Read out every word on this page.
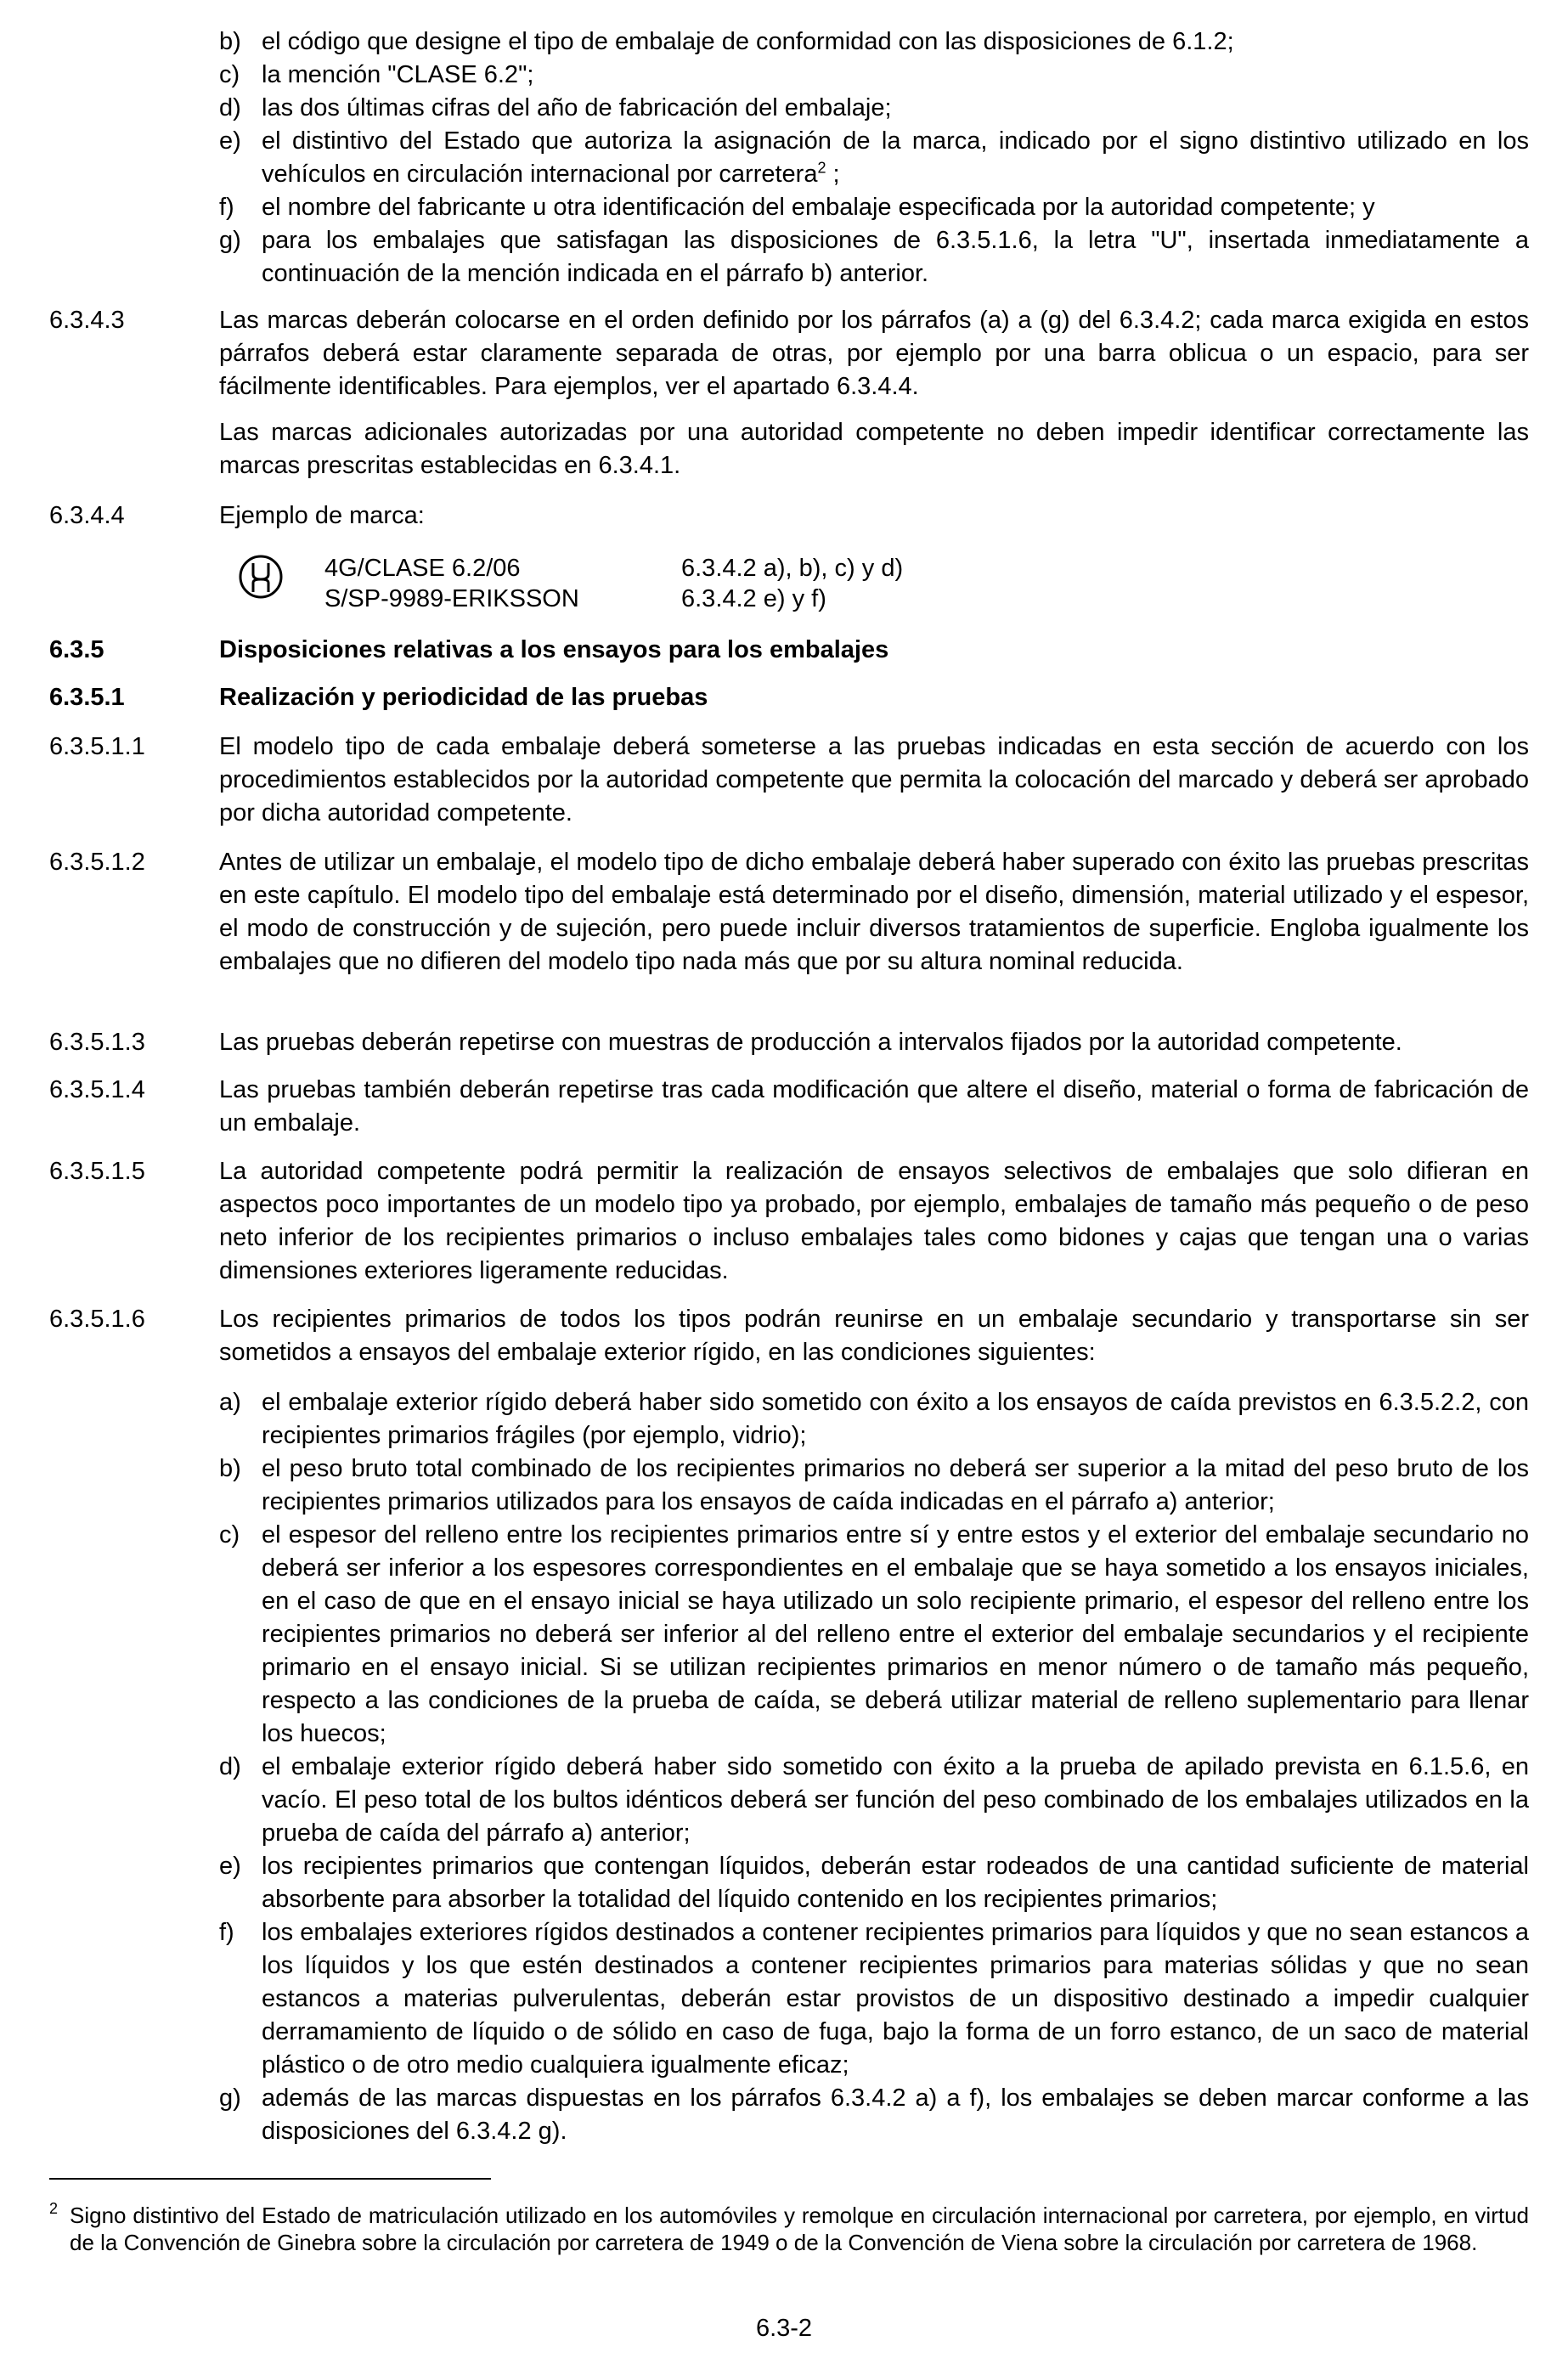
b) el código que designe el tipo de embalaje de conformidad con las disposiciones de 6.1.2;
c) la mención "CLASE 6.2";
d) las dos últimas cifras del año de fabricación del embalaje;
e) el distintivo del Estado que autoriza la asignación de la marca, indicado por el signo distintivo utilizado en los vehículos en circulación internacional por carretera$^2$ ;
f)	el nombre del fabricante u otra identificación del embalaje especificada por la autoridad competente; y
g) para los embalajes que satisfagan las disposiciones de 6.3.5.1.6, la letra "U", insertada inmediatamente a continuación de la mención indicada en el párrafo b) anterior.
6.3.4.3	Las marcas deberán colocarse en el orden definido por los párrafos (a) a (g) del 6.3.4.2; cada marca exigida en estos párrafos deberá estar claramente separada de otras, por ejemplo por una barra oblicua o un espacio, para ser fácilmente identificables. Para ejemplos, ver el apartado 6.3.4.4.

Las marcas adicionales autorizadas por una autoridad competente no deben impedir identificar correctamente las marcas prescritas establecidas en 6.3.4.1.

6.3.4.4	Ejemplo de marca:
4G/CLASE 6.2/06	6.3.4.2 a), b), c) y d)
S/SP-9989-ERIKSSON	6.3.4.2 e) y f)
6.3.5	Disposiciones relativas a los ensayos para los embalajes
6.3.5.1	Realización y periodicidad de las pruebas
6.3.5.1.1	El modelo tipo de cada embalaje deberá someterse a las pruebas indicadas en esta sección de acuerdo con los procedimientos establecidos por la autoridad competente que permita la colocación del marcado y deberá ser aprobado por dicha autoridad competente.

6.3.5.1.2	Antes de utilizar un embalaje, el modelo tipo de dicho embalaje deberá haber superado con éxito las pruebas prescritas en este capítulo. El modelo tipo del embalaje está determinado por el diseño, dimensión, material utilizado y el espesor, el modo de construcción y de sujeción, pero puede incluir diversos tratamientos de superficie. Engloba igualmente los embalajes que no difieren del modelo tipo nada más que por su altura nominal reducida.

6.3.5.1.3	Las pruebas deberán repetirse con muestras de producción a intervalos fijados por la autoridad competente.

6.3.5.1.4	Las pruebas también deberán repetirse tras cada modificación que altere el diseño, material o forma de fabricación de un embalaje.

6.3.5.1.5	La autoridad competente podrá permitir la realización de ensayos selectivos de embalajes que solo difieran en aspectos poco importantes de un modelo tipo ya probado, por ejemplo, embalajes de tamaño más pequeño o de peso neto inferior de los recipientes primarios o incluso embalajes tales como bidones y cajas que tengan una o varias dimensiones exteriores ligeramente reducidas.

6.3.5.1.6	Los recipientes primarios de todos los tipos podrán reunirse en un embalaje secundario y transportarse sin ser sometidos a ensayos del embalaje exterior rígido, en las condiciones siguientes:

a) el embalaje exterior rígido deberá haber sido sometido con éxito a los ensayos de caída previstos en 6.3.5.2.2, con recipientes primarios frágiles (por ejemplo, vidrio);
b) el peso bruto total combinado de los recipientes primarios no deberá ser superior a la mitad del peso bruto de los recipientes primarios utilizados para los ensayos de caída indicadas en el párrafo a) anterior;
c) el espesor del relleno entre los recipientes primarios entre sí y entre estos y el exterior del embalaje secundario no deberá ser inferior a los espesores correspondientes en el embalaje que se haya sometido a los ensayos iniciales, en el caso de que en el ensayo inicial se haya utilizado un solo recipiente primario, el espesor del relleno entre los recipientes primarios no deberá ser inferior al del relleno entre el exterior del embalaje secundarios y el recipiente primario en el ensayo inicial. Si se utilizan recipientes primarios en menor número o de tamaño más pequeño, respecto a las condiciones de la prueba de caída, se deberá utilizar material de relleno suplementario para llenar los huecos;
d) el embalaje exterior rígido deberá haber sido sometido con éxito a la prueba de apilado prevista en 6.1.5.6, en vacío. El peso total de los bultos idénticos deberá ser función del peso combinado de los embalajes utilizados en la prueba de caída del párrafo a) anterior;
e) los recipientes primarios que contengan líquidos, deberán estar rodeados de una cantidad suficiente de material absorbente para absorber la totalidad del líquido contenido en los recipientes primarios;
f)	los embalajes exteriores rígidos destinados a contener recipientes primarios para líquidos y que no sean estancos a los líquidos y los que estén destinados a contener recipientes primarios para materias sólidas y que no sean estancos a materias pulverulentas, deberán estar provistos de un dispositivo destinado a impedir cualquier derramamiento de líquido o de sólido en caso de fuga, bajo la forma de un forro estanco, de un saco de material plástico o de otro medio cualquiera igualmente eficaz;
g) además de las marcas dispuestas en los párrafos 6.3.4.2 a) a f), los embalajes se deben marcar conforme a las disposiciones del 6.3.4.2 g).
2 Signo distintivo del Estado de matriculación utilizado en los automóviles y remolque en circulación internacional por carretera, por ejemplo, en virtud de la Convención de Ginebra sobre la circulación por carretera de 1949 o de la Convención de Viena sobre la circulación por carretera de 1968.
6.3-2
